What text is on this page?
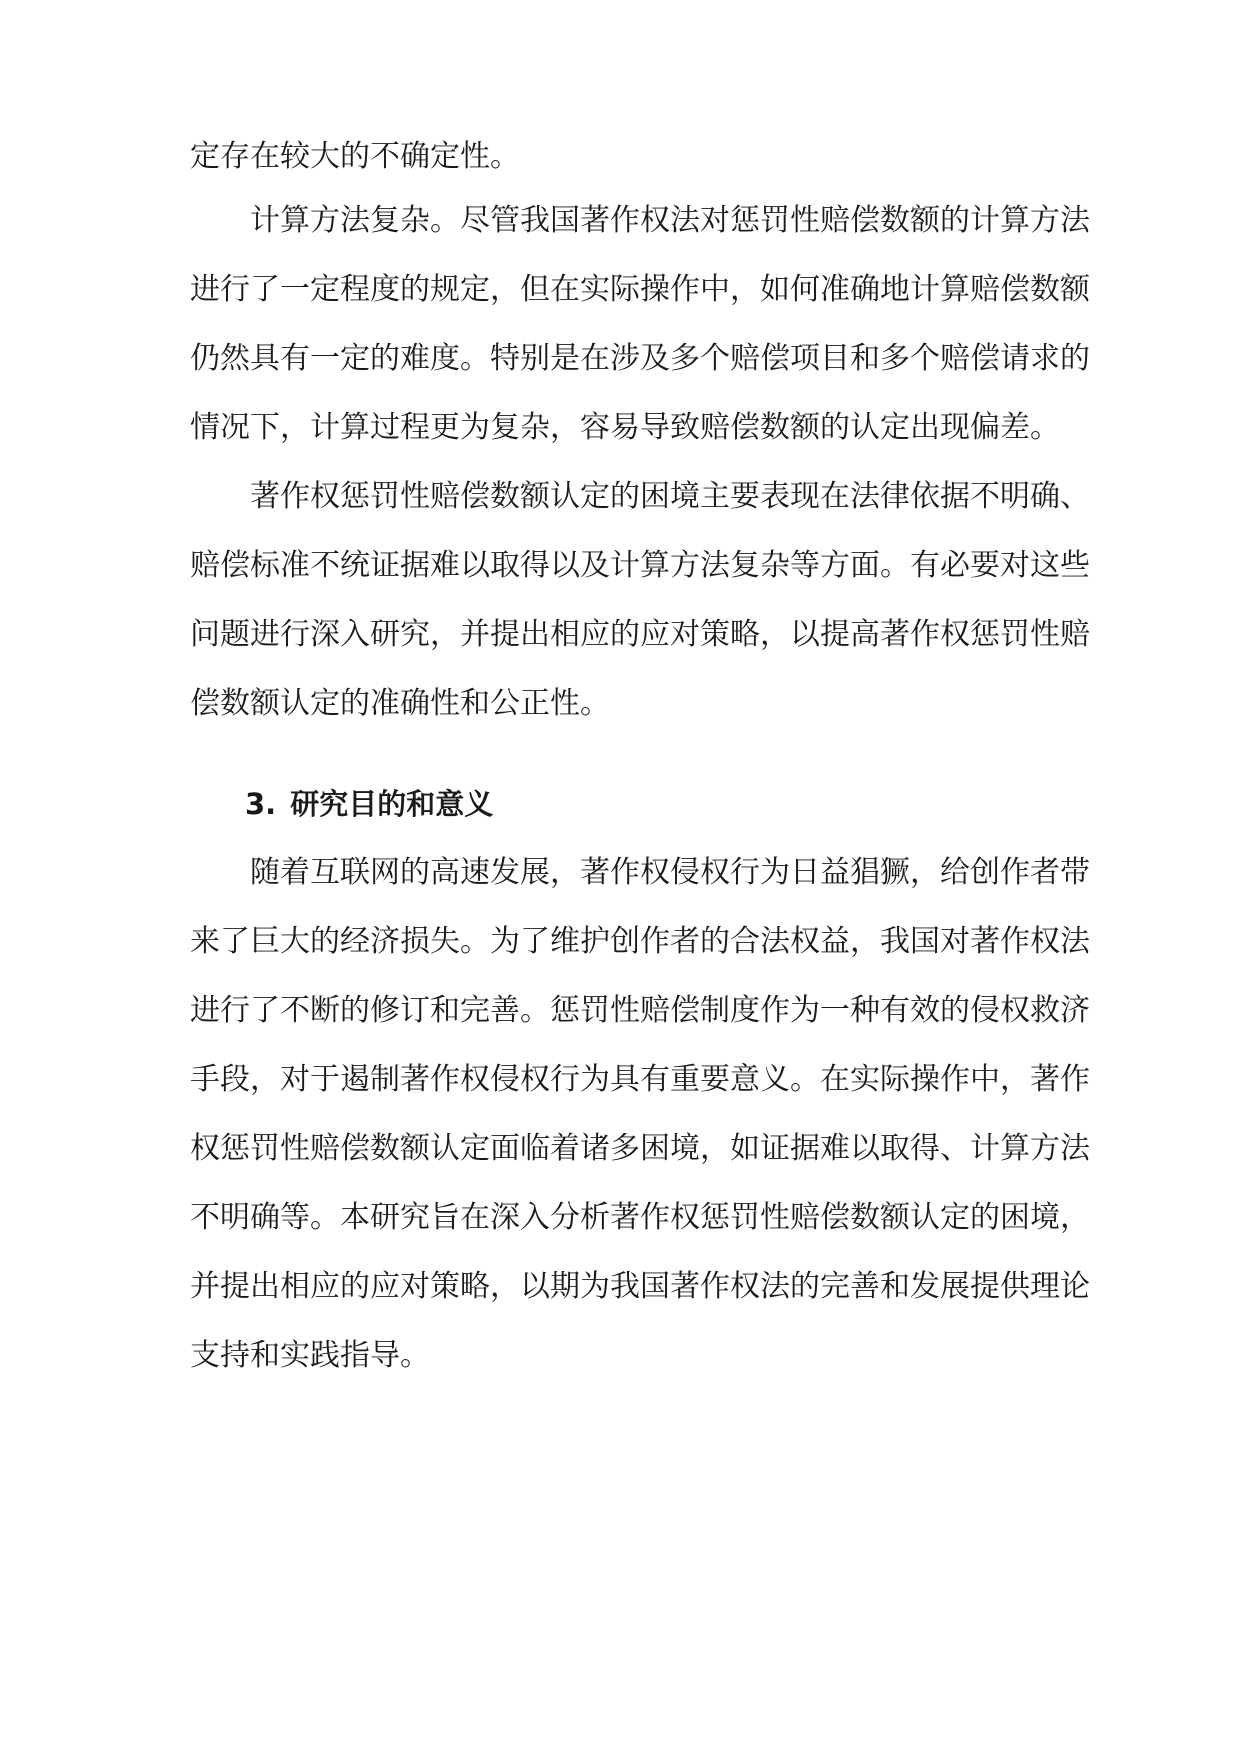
定存在较大的不确定性。
计算方法复杂。尽管我国著作权法对惩罚性赔偿数额的计算方法
进行了一定程度的规定，但在实际操作中，如何准确地计算赔偿数额
仍然具有一定的难度。特别是在涉及多个赔偿项目和多个赔偿请求的
情况下，计算过程更为复杂，容易导致赔偿数额的认定出现偏差。
著作权惩罚性赔偿数额认定的困境主要表现在法律依据不明确、
赔偿标准不统证据难以取得以及计算方法复杂等方面。有必要对这些
问题进行深入研究，并提出相应的应对策略，以提高著作权惩罚性赔
偿数额认定的准确性和公正性。
3. 研究目的和意义
随着互联网的高速发展，著作权侵权行为日益猖獗，给创作者带
来了巨大的经济损失。为了维护创作者的合法权益，我国对著作权法
进行了不断的修订和完善。惩罚性赔偿制度作为一种有效的侵权救济
手段，对于遏制著作权侵权行为具有重要意义。在实际操作中，著作
权惩罚性赔偿数额认定面临着诸多困境，如证据难以取得、计算方法
不明确等。本研究旨在深入分析著作权惩罚性赔偿数额认定的困境，
并提出相应的应对策略，以期为我国著作权法的完善和发展提供理论
支持和实践指导。
